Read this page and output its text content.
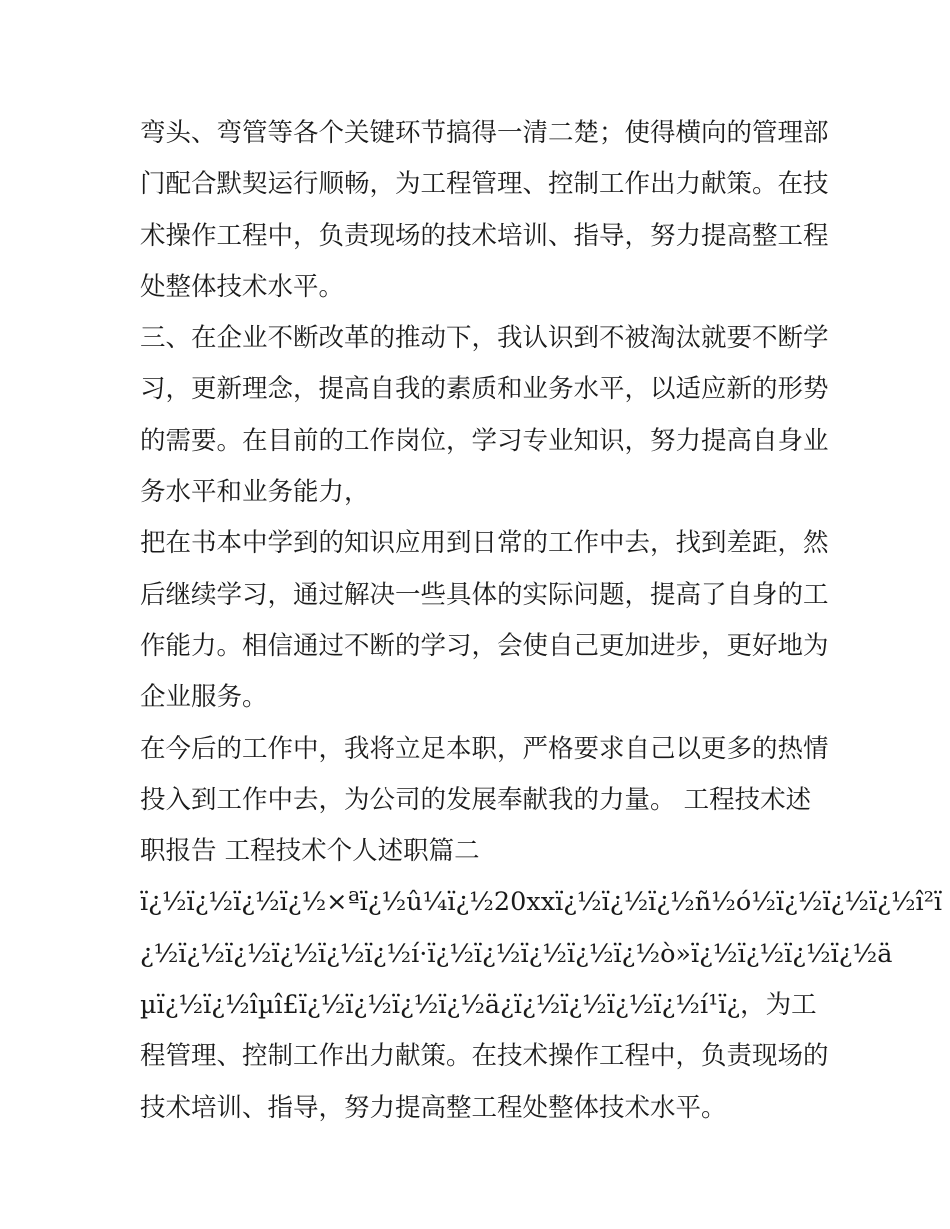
弯头、弯管等各个关键环节搞得一清二楚；使得横向的管理部
门配合默契运行顺畅，为工程管理、控制工作出力献策。在技
术操作工程中，负责现场的技术培训、指导，努力提高整工程
处整体技术水平。
三、在企业不断改革的推动下，我认识到不被淘汰就要不断学
习，更新理念，提高自我的素质和业务水平，以适应新的形势
的需要。在目前的工作岗位，学习专业知识，努力提高自身业
务水平和业务能力，
把在书本中学到的知识应用到日常的工作中去，找到差距，然
后继续学习，通过解决一些具体的实际问题，提高了自身的工
作能力。相信通过不断的学习，会使自己更加进步，更好地为
企业服务。
在今后的工作中，我将立足本职，严格要求自己以更多的热情
投入到工作中去，为公司的发展奉献我的力量。 工程技术述
职报告 工程技术个人述职篇二
ï¿½ï¿½ï¿½ï¿½×ªï¿½û¼ï¿½20xxï¿½ï¿½ï¿½ñ½ó½ï¿½ï¿½ï¿½î²ï
¿½ï¿½ï¿½ï¿½ï¿½ï¿½í·ï¿½ï¿½ï¿½ï¿½ï¿½ò»ï¿½ï¿½ï¿½ï¿½ä
µï¿½ï¿½îµî£ï¿½ï¿½ï¿½ï¿½ä¿ï¿½ï¿½ï¿½ï¿½í¹ï¿，为工
程管理、控制工作出力献策。在技术操作工程中，负责现场的
技术培训、指导，努力提高整工程处整体技术水平。
